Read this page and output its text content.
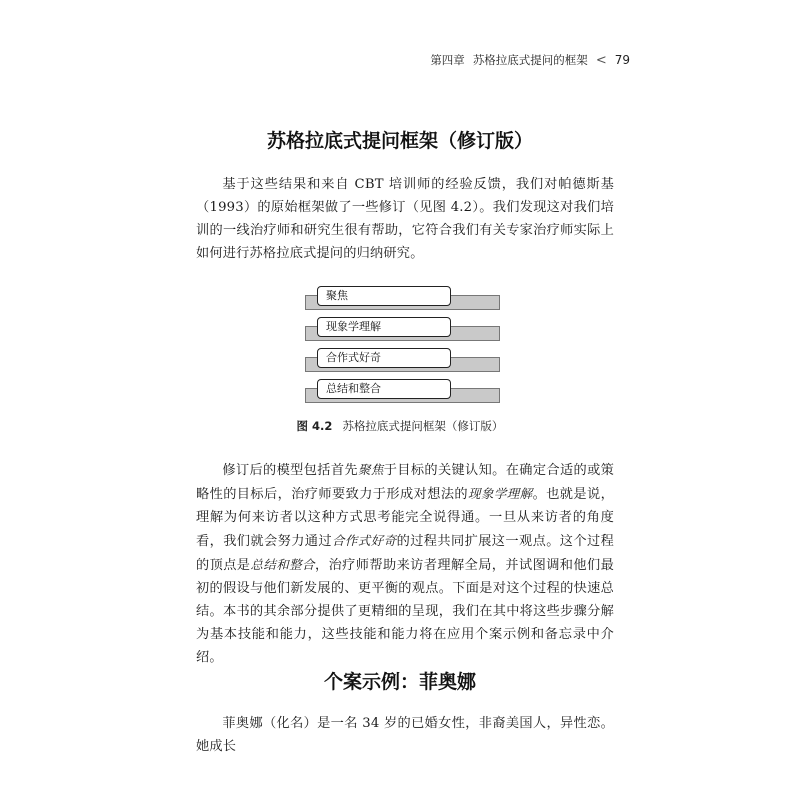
第四章 苏格拉底式提问的框架 < 79
苏格拉底式提问框架（修订版）
基于这些结果和来自 CBT 培训师的经验反馈，我们对帕德斯基（1993）的原始框架做了一些修订（见图 4.2）。我们发现这对我们培训的一线治疗师和研究生很有帮助，它符合我们有关专家治疗师实际上如何进行苏格拉底式提问的归纳研究。
聚焦
现象学理解
合作式好奇
总结和整合
图 4.2 苏格拉底式提问框架（修订版）
修订后的模型包括首先聚焦于目标的关键认知。在确定合适的或策略性的目标后，治疗师要致力于形成对想法的现象学理解。也就是说，理解为何来访者以这种方式思考能完全说得通。一旦从来访者的角度看，我们就会努力通过合作式好奇的过程共同扩展这一观点。这个过程的顶点是总结和整合，治疗师帮助来访者理解全局，并试图调和他们最初的假设与他们新发展的、更平衡的观点。下面是对这个过程的快速总结。本书的其余部分提供了更精细的呈现，我们在其中将这些步骤分解为基本技能和能力，这些技能和能力将在应用个案示例和备忘录中介绍。
个案示例：菲奥娜
菲奥娜（化名）是一名 34 岁的已婚女性，非裔美国人，异性恋。她成长
